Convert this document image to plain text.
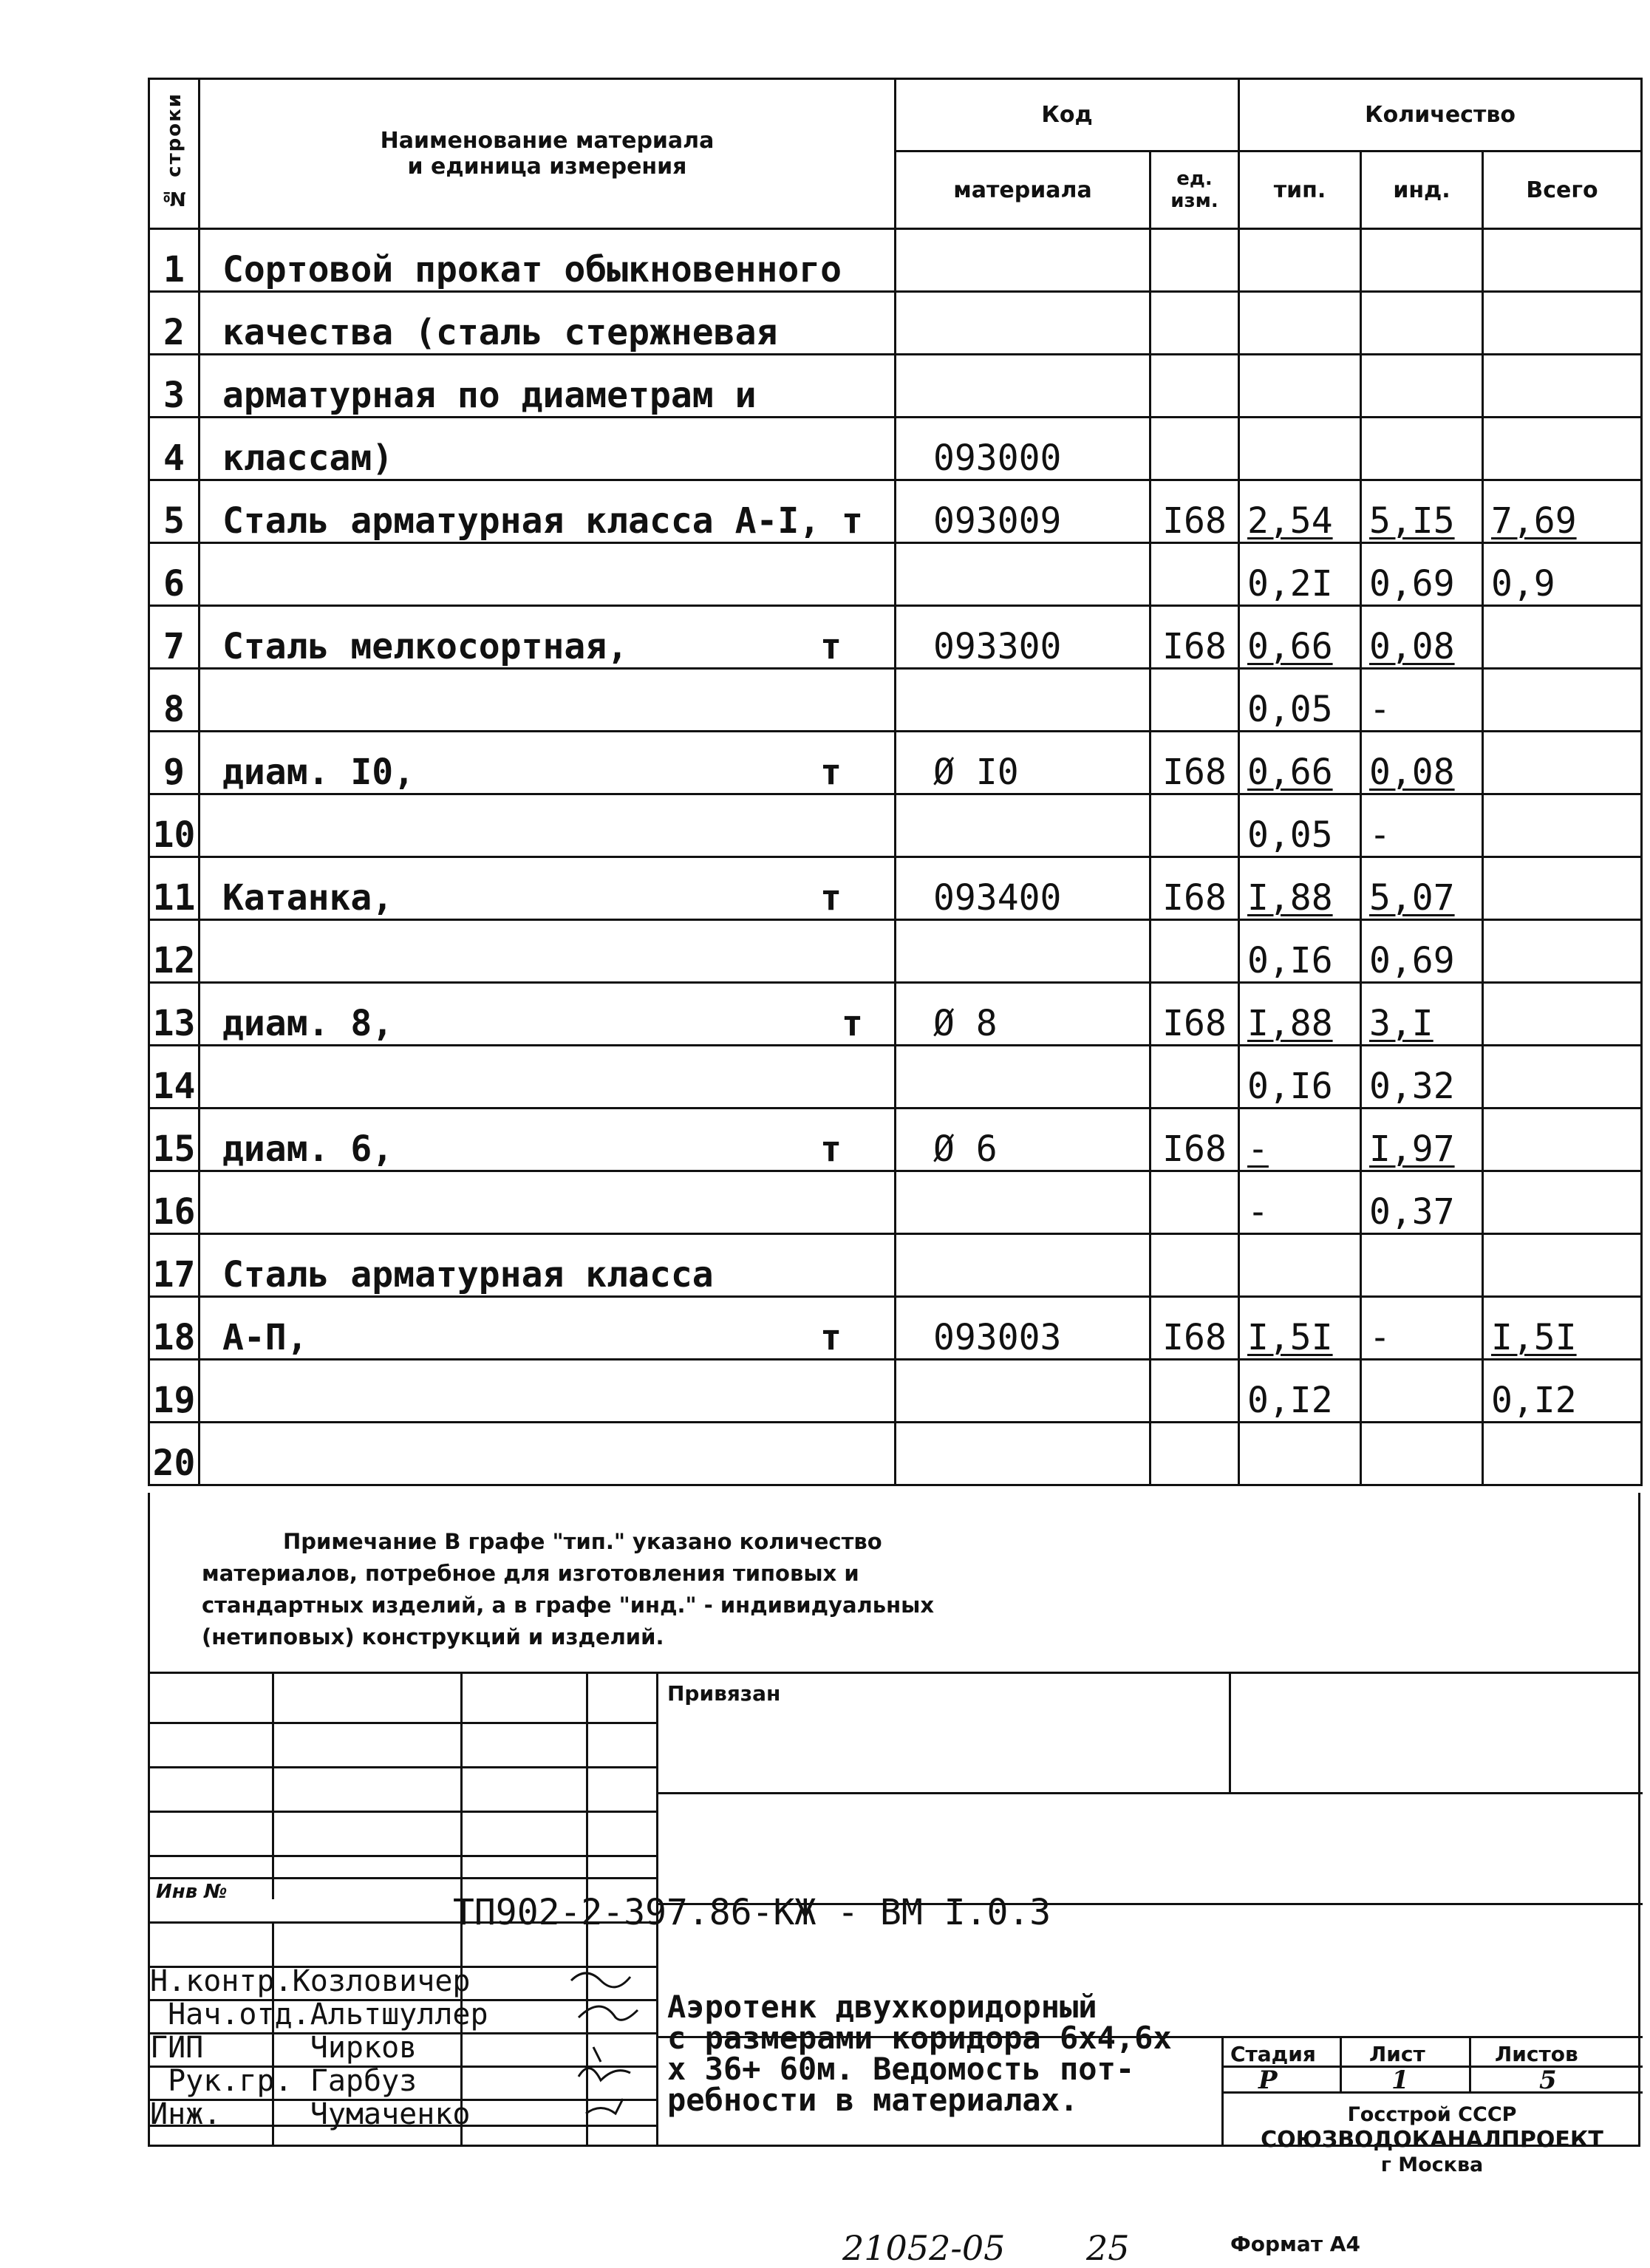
№ строки	Наименование материала
и единица измерения	Код		Количество		
		материала	ед. изм.	тип.	инд.	Всего
1	Сортовой прокат обыкновенного					
2	качества (сталь стержневая					
3	арматурная по диаметрам и					
4	классам)	093000				
5	Сталь арматурная класса А-I, т	093009	I68	2,54	5,I5	7,69
6				0,2I	0,69	0,9
7	Сталь мелкосортная,         т	093300	I68	0,66	0,08	
8				0,05	-	
9	диам. I0,                   т	Ø I0	I68	0,66	0,08	
10				0,05	-	
11	Катанка,                    т	093400	I68	I,88	5,07	
12				0,I6	0,69	
13	диам. 8,                     т	Ø 8	I68	I,88	3,I	
14				0,I6	0,32	
15	диам. 6,                    т	Ø 6	I68	-	I,97	
16				-	0,37	
17	Сталь арматурная класса					
18	А-П,                        т	093003	I68	I,5I	-	I,5I
19				0,I2		0,I2
20						
Примечание В графе "тип." указано количество
материалов, потребное для изготовления типовых и
стандартных изделий, а в графе "инд." - индивидуальных
(нетиповых) конструкций и изделий.
Привязан
Инв №
Н.контр.Козловичер
Нач.отд.Альтшуллер
ГИП	Чирков
Рук.гр. Гарбуз
Инж.	Чумаченко
ТП902-2-397.86-КЖ - ВМ I.0.3
Аэротенк двухкоридорный
с размерами коридора 6x4,6x
x 36+ 60м. Ведомость пот-
ребности в материалах.
Стадия	Лист	Листов
Р	1	5
Госстрой СССР
СОЮЗВОДОКАНАЛПРОЕКТ
г Москва
21052-05 25	Формат А4
